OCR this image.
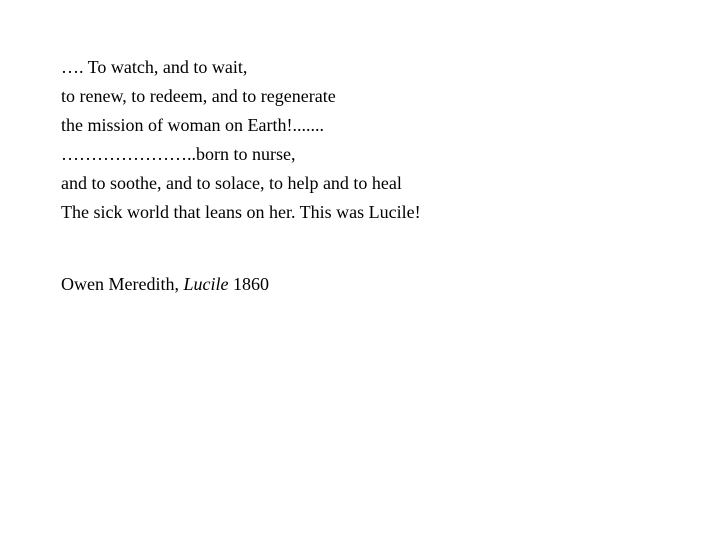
…. To watch, and to wait,
to renew, to redeem, and to regenerate
the mission of woman on Earth!.......
…………………..born to nurse,
and to soothe, and to solace, to help and to heal
The sick world that leans on her. This was Lucile!
Owen Meredith, Lucile 1860
